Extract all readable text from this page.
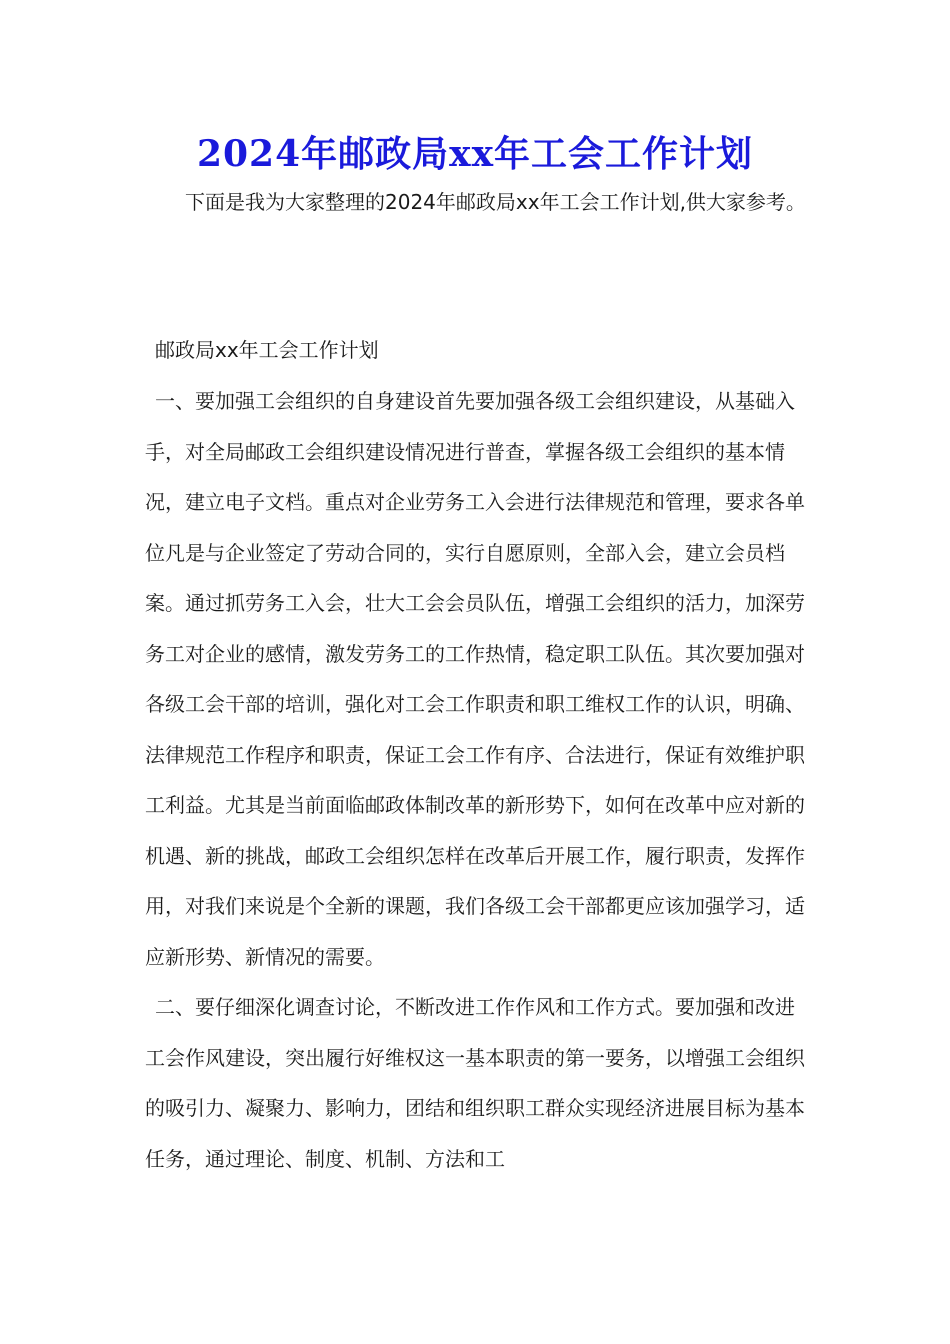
2024年邮政局xx年工会工作计划

下面是我为大家整理的2024年邮政局xx年工会工作计划,供大家参考。

邮政局xx年工会工作计划

一、要加强工会组织的自身建设首先要加强各级工会组织建设，从基础入手，对全局邮政工会组织建设情况进行普查，掌握各级工会组织的基本情况，建立电子文档。重点对企业劳务工入会进行法律规范和管理，要求各单位凡是与企业签定了劳动合同的，实行自愿原则，全部入会，建立会员档案。通过抓劳务工入会，壮大工会会员队伍，增强工会组织的活力，加深劳务工对企业的感情，激发劳务工的工作热情，稳定职工队伍。其次要加强对各级工会干部的培训，强化对工会工作职责和职工维权工作的认识，明确、法律规范工作程序和职责，保证工会工作有序、合法进行，保证有效维护职工利益。尤其是当前面临邮政体制改革的新形势下，如何在改革中应对新的机遇、新的挑战，邮政工会组织怎样在改革后开展工作，履行职责，发挥作用，对我们来说是个全新的课题，我们各级工会干部都更应该加强学习，适应新形势、新情况的需要。

二、要仔细深化调查讨论，不断改进工作作风和工作方式。要加强和改进工会作风建设，突出履行好维权这一基本职责的第一要务，以增强工会组织的吸引力、凝聚力、影响力，团结和组织职工群众实现经济进展目标为基本任务，通过理论、制度、机制、方法和工
